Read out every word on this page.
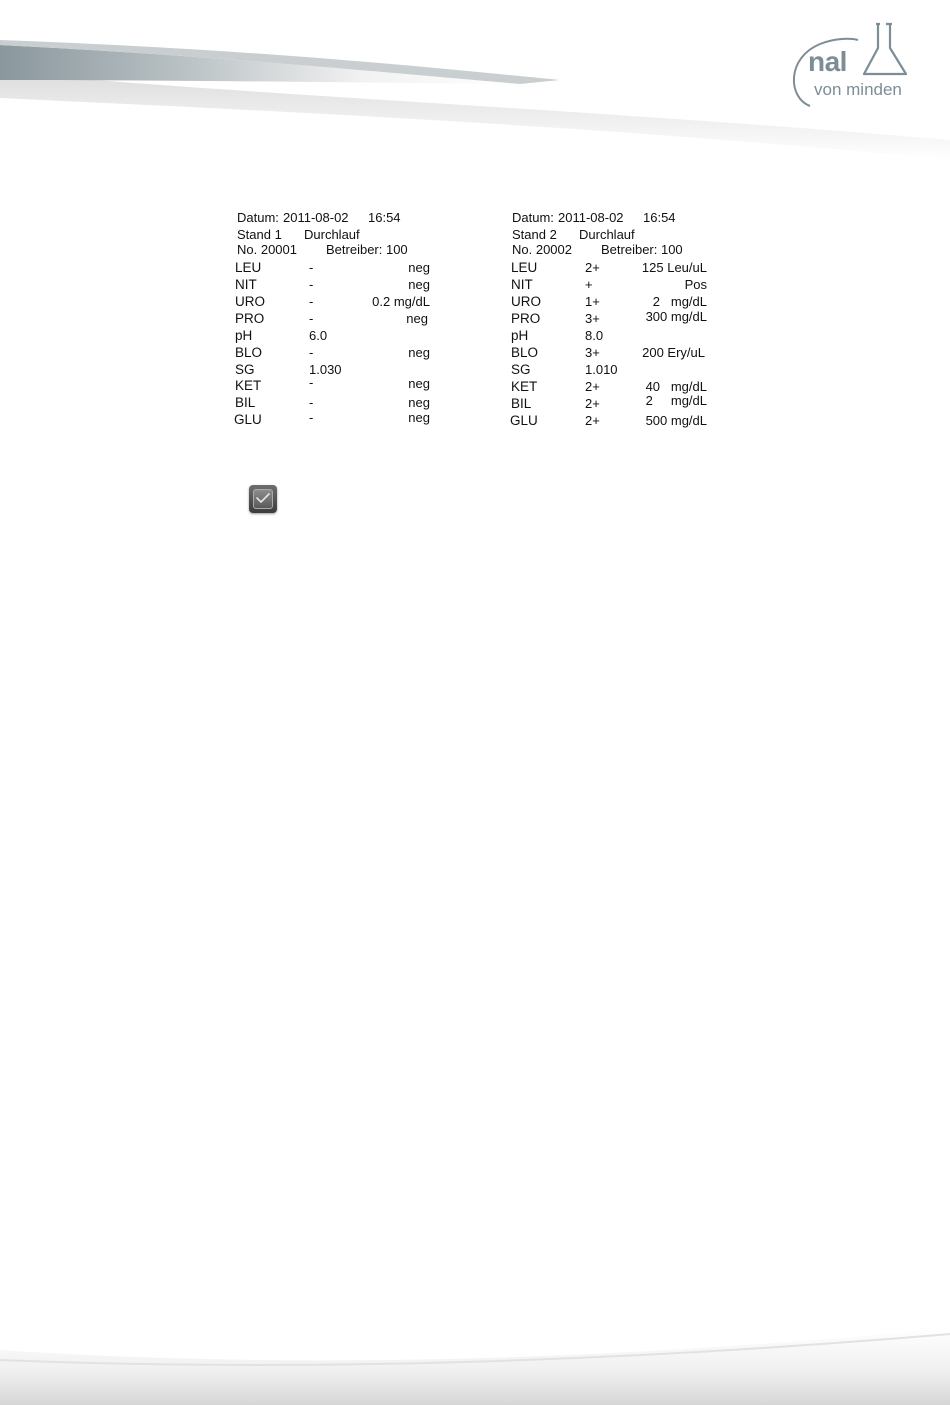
nal
von minden
Datum: 2011-08-02 16:54
Stand 1 Durchlauf
No. 20001 Betreiber: 100
LEU	-	neg
NIT	-	neg
URO	-	0.2 mg/dL
PRO	-	neg
pH	6.0
BLO	-	neg
SG	1.030
KET	-	neg
BIL	-	neg
GLU	-	neg
Datum: 2011-08-02 16:54
Stand 2 Durchlauf
No. 20002 Betreiber: 100
LEU	2+	125 Leu/uL
NIT	+	Pos
URO	1+	2   mg/dL
PRO	3+	300 mg/dL
pH	8.0
BLO	3+	200 Ery/uL
SG	1.010
KET	2+	40   mg/dL
BIL	2+	2     mg/dL
GLU	2+	500 mg/dL
